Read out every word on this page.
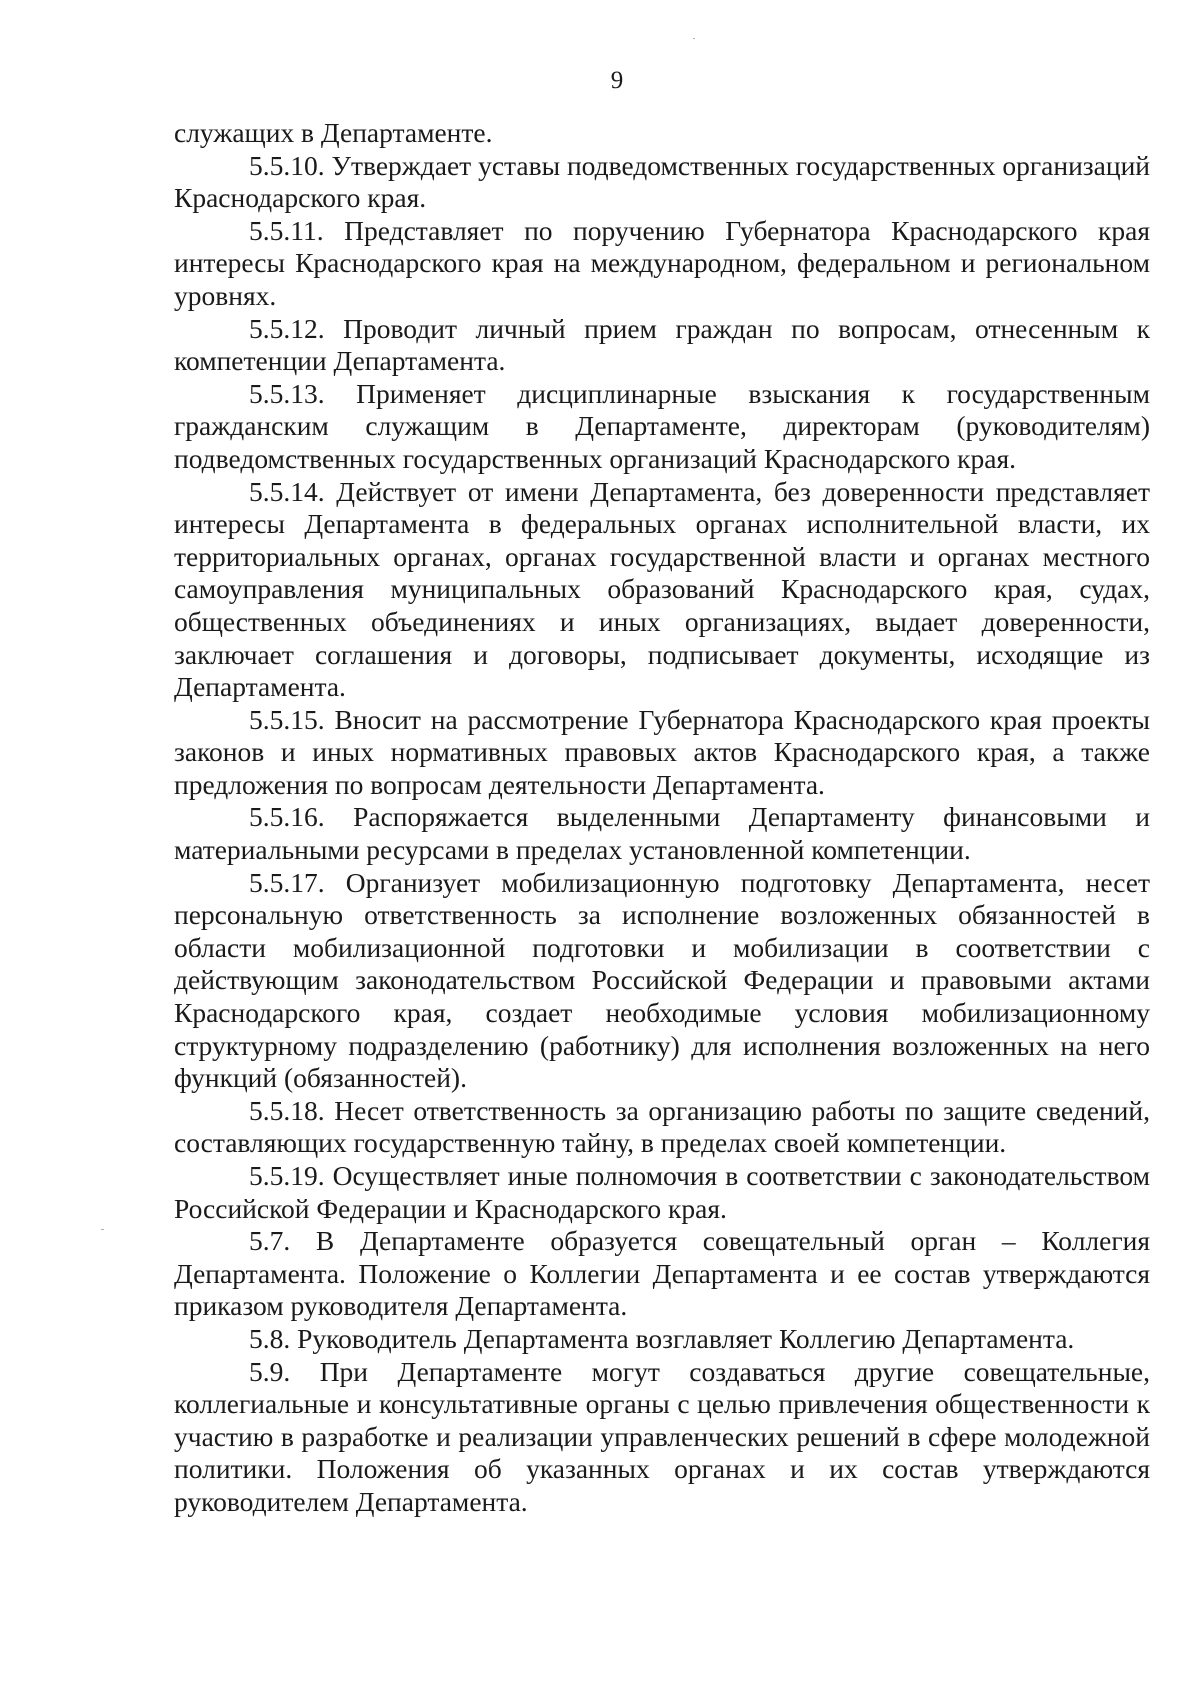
9

служащих в Департаменте.

5.5.10. Утверждает уставы подведомственных государственных организаций Краснодарского края.

5.5.11. Представляет по поручению Губернатора Краснодарского края интересы Краснодарского края на международном, федеральном и региональном уровнях.

5.5.12. Проводит личный прием граждан по вопросам, отнесенным к компетенции Департамента.

5.5.13. Применяет дисциплинарные взыскания к государственным гражданским служащим в Департаменте, директорам (руководителям) подведомственных государственных организаций Краснодарского края.

5.5.14. Действует от имени Департамента, без доверенности представляет интересы Департамента в федеральных органах исполнительной власти, их территориальных органах, органах государственной власти и органах местного самоуправления муниципальных образований Краснодарского края, судах, общественных объединениях и иных организациях, выдает доверенности, заключает соглашения и договоры, подписывает документы, исходящие из Департамента.

5.5.15. Вносит на рассмотрение Губернатора Краснодарского края проекты законов и иных нормативных правовых актов Краснодарского края, а также предложения по вопросам деятельности Департамента.

5.5.16. Распоряжается выделенными Департаменту финансовыми и материальными ресурсами в пределах установленной компетенции.

5.5.17. Организует мобилизационную подготовку Департамента, несет персональную ответственность за исполнение возложенных обязанностей в области мобилизационной подготовки и мобилизации в соответствии с действующим законодательством Российской Федерации и правовыми актами Краснодарского края, создает необходимые условия мобилизационному структурному подразделению (работнику) для исполнения возложенных на него функций (обязанностей).

5.5.18. Несет ответственность за организацию работы по защите сведений, составляющих государственную тайну, в пределах своей компетенции.

5.5.19. Осуществляет иные полномочия в соответствии с законодательством Российской Федерации и Краснодарского края.

5.7. В Департаменте образуется совещательный орган – Коллегия Департамента. Положение о Коллегии Департамента и ее состав утверждаются приказом руководителя Департамента.

5.8. Руководитель Департамента возглавляет Коллегию Департамента.

5.9. При Департаменте могут создаваться другие совещательные, коллегиальные и консультативные органы с целью привлечения общественности к участию в разработке и реализации управленческих решений в сфере молодежной политики. Положения об указанных органах и их состав утверждаются руководителем Департамента.
